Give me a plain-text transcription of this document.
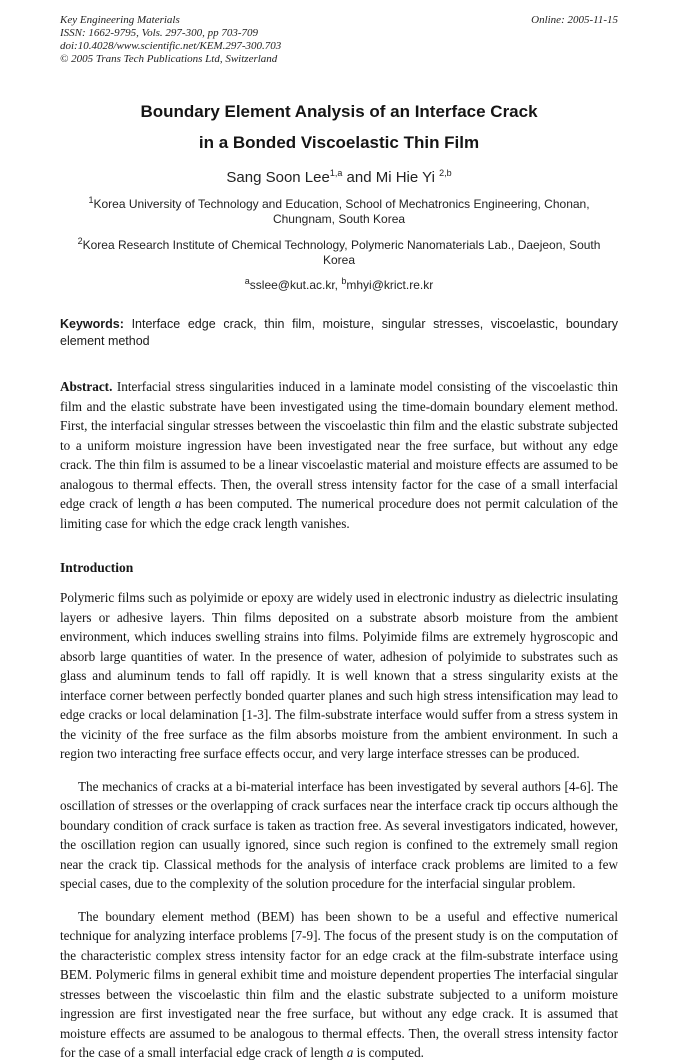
Key Engineering Materials
ISSN: 1662-9795, Vols. 297-300, pp 703-709
doi:10.4028/www.scientific.net/KEM.297-300.703
© 2005 Trans Tech Publications Ltd, Switzerland
Online: 2005-11-15
Boundary Element Analysis of an Interface Crack
in a Bonded Viscoelastic Thin Film
Sang Soon Lee$^{1,a}$ and Mi Hie Yi $^{2,b}$
$^1$Korea University of Technology and Education, School of Mechatronics Engineering, Chonan, Chungnam, South Korea
$^2$Korea Research Institute of Chemical Technology, Polymeric Nanomaterials Lab., Daejeon, South Korea
$^a$sslee@kut.ac.kr, $^b$mhyi@krict.re.kr

Keywords: Interface edge crack, thin film, moisture, singular stresses, viscoelastic, boundary element method

Abstract. Interfacial stress singularities induced in a laminate model consisting of the viscoelastic thin film and the elastic substrate have been investigated using the time-domain boundary element method. First, the interfacial singular stresses between the viscoelastic thin film and the elastic substrate subjected to a uniform moisture ingression have been investigated near the free surface, but without any edge crack. The thin film is assumed to be a linear viscoelastic material and moisture effects are assumed to be analogous to thermal effects. Then, the overall stress intensity factor for the case of a small interfacial edge crack of length a has been computed. The numerical procedure does not permit calculation of the limiting case for which the edge crack length vanishes.

Introduction

Polymeric films such as polyimide or epoxy are widely used in electronic industry as dielectric insulating layers or adhesive layers. Thin films deposited on a substrate absorb moisture from the ambient environment, which induces swelling strains into films. Polyimide films are extremely hygroscopic and absorb large quantities of water. In the presence of water, adhesion of polyimide to substrates such as glass and aluminum tends to fall off rapidly. It is well known that a stress singularity exists at the interface corner between perfectly bonded quarter planes and such high stress intensification may lead to edge cracks or local delamination [1-3]. The film-substrate interface would suffer from a stress system in the vicinity of the free surface as the film absorbs moisture from the ambient environment. In such a region two interacting free surface effects occur, and very large interface stresses can be produced.

The mechanics of cracks at a bi-material interface has been investigated by several authors [4-6]. The oscillation of stresses or the overlapping of crack surfaces near the interface crack tip occurs although the boundary condition of crack surface is taken as traction free. As several investigators indicated, however, the oscillation region can usually ignored, since such region is confined to the extremely small region near the crack tip. Classical methods for the analysis of interface crack problems are limited to a few special cases, due to the complexity of the solution procedure for the interfacial singular problem.

The boundary element method (BEM) has been shown to be a useful and effective numerical technique for analyzing interface problems [7-9]. The focus of the present study is on the computation of the characteristic complex stress intensity factor for an edge crack at the film-substrate interface using BEM. Polymeric films in general exhibit time and moisture dependent properties The interfacial singular stresses between the viscoelastic thin film and the elastic substrate subjected to a uniform moisture ingression are first investigated near the free surface, but without any edge crack. It is assumed that moisture effects are assumed to be analogous to thermal effects. Then, the overall stress intensity factor for the case of a small interfacial edge crack of length a is computed.
